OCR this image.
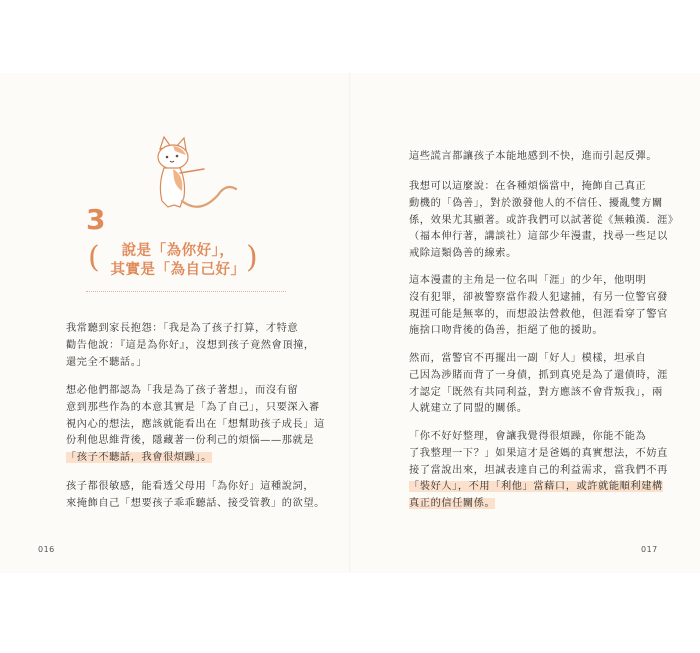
3
(	說是「為你好」，
其實是「為自己好」 )
我常聽到家長抱怨：「我是為了孩子打算，才特意
勸告他說：『這是為你好』，沒想到孩子竟然會頂撞，
還完全不聽話。」
想必他們都認為「我是為了孩子著想」，而沒有留
意到那些作為的本意其實是「為了自己」，只要深入審
視內心的想法，應該就能看出在「想幫助孩子成長」這
份利他思維背後，隱藏著一份利己的煩惱——那就是
「孩子不聽話，我會很煩躁」。
孩子都很敏感，能看透父母用「為你好」這種說詞，
來掩飾自己「想要孩子乖乖聽話、接受管教」的欲望。
016
這些謊言都讓孩子本能地感到不快，進而引起反彈。
我想可以這麼說：在各種煩惱當中，掩飾自己真正
動機的「偽善」，對於激發他人的不信任、擾亂雙方關
係，效果尤其顯著。或許我們可以試著從《無賴漢．涯》
（福本伸行著，講談社）這部少年漫畫，找尋一些足以
戒除這類偽善的線索。
這本漫畫的主角是一位名叫「涯」的少年，他明明
沒有犯罪，卻被警察當作殺人犯逮捕，有另一位警官發
現涯可能是無辜的，而想設法營救他，但涯看穿了警官
施捨口吻背後的偽善，拒絕了他的援助。
然而，當警官不再擺出一副「好人」模樣，坦承自
己因為涉賭而背了一身債，抓到真兇是為了還債時，涯
才認定「既然有共同利益，對方應該不會背叛我」，兩
人就建立了同盟的關係。
「你不好好整理，會讓我覺得很煩躁，你能不能為
了我整理一下？」如果這才是爸媽的真實想法，不妨直
接了當說出來，坦誠表達自己的利益需求，當我們不再
「裝好人」，不用「利他」當藉口，或許就能順利建構
真正的信任關係。
017
